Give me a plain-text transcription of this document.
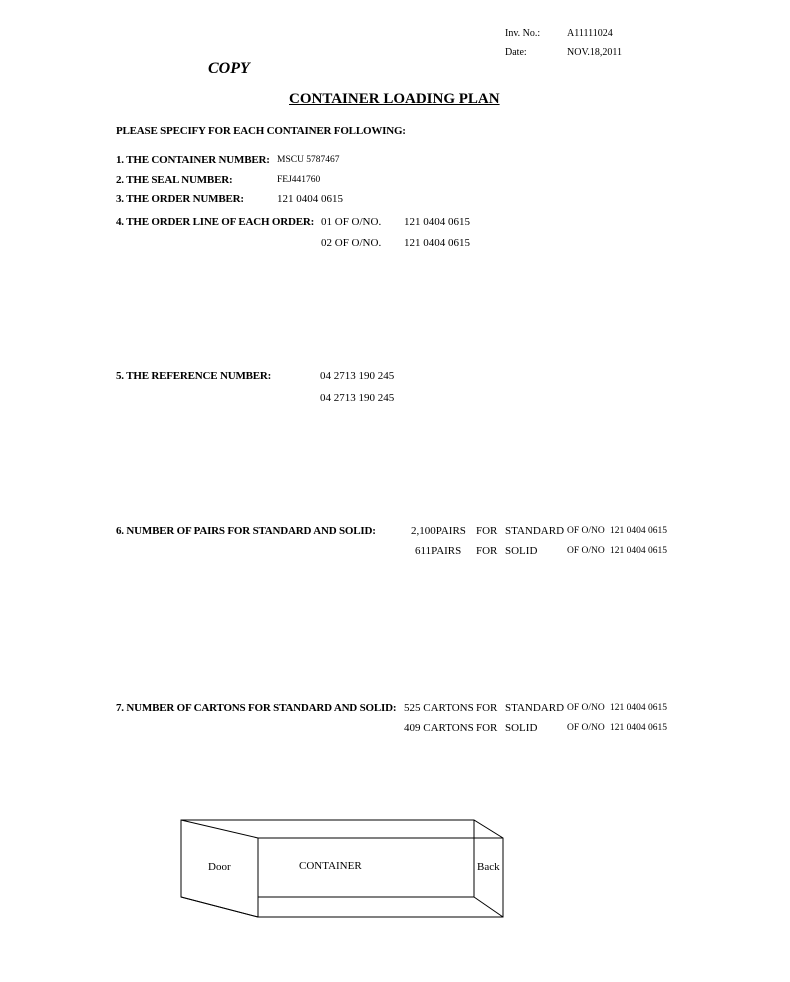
Inv. No.:	A11111024
Date:	NOV.18,2011
COPY
CONTAINER LOADING PLAN
PLEASE SPECIFY FOR EACH CONTAINER FOLLOWING:
1. THE CONTAINER NUMBER: MSCU 5787467
2. THE SEAL NUMBER:	FEJ441760
3. THE ORDER NUMBER:	121 0404 0615
4. THE ORDER LINE OF EACH ORDER: 01 OF O/NO. 121 0404 0615
02 OF O/NO. 121 0404 0615
5. THE REFERENCE NUMBER:	04 2713 190 245
04 2713 190 245
6. NUMBER OF PAIRS FOR STANDARD AND SOLID:	2,100PAIRS FOR STANDARD OF O/NO 121 0404 0615
611PAIRS FOR SOLID	OF O/NO 121 0404 0615
7. NUMBER OF CARTONS FOR STANDARD AND SOLID: 525 CARTONS FOR STANDARD OF O/NO 121 0404 0615
409 CARTONS FOR SOLID	OF O/NO 121 0404 0615
Door	CONTAINER	Back
